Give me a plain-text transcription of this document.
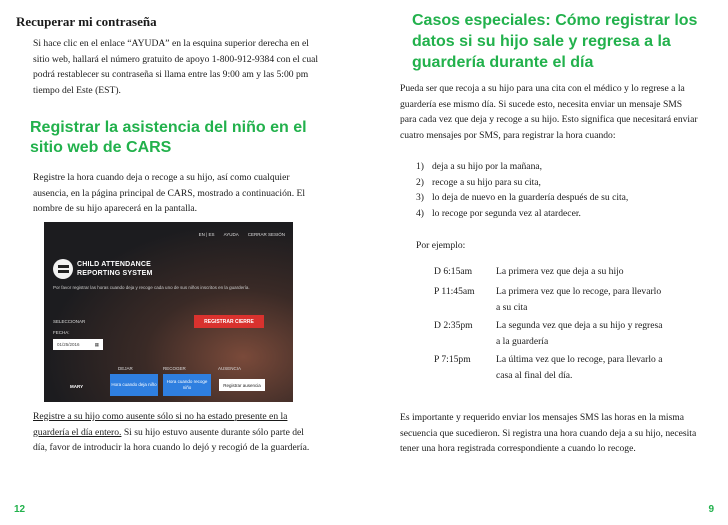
Recuperar mi contraseña

Si hace clic en el enlace “AYUDA” en la esquina superior derecha en el sitio web, hallará el número gratuito de apoyo 1-800-912-9384 con el cual podrá restablecer su contraseña si llama entre las 9:00 am y las 5:00 pm tiempo del Este (EST).

Registrar la asistencia del niño en el sitio web de CARS

Registre la hora cuando deja o recoge a su hijo, así como cualquier ausencia, en la página principal de CARS, mostrado a continuación. El nombre de su hijo aparecerá en la pantalla.

EN | ES AYUDA CERRAR SESIÓN
CHILD ATTENDANCE
REPORTING SYSTEM
Por favor registrar las horas cuando deja y recoge cada uno de sus niños inscritos en la guardería.
SELECCIONAR	REGISTRAR CIERRE
FECHA:
01/25/2016	▦
DEJAR	RECOGER	AUSENCIA
MARY	Hora cuando deja niño
Hora cuando recoge niño	Registrar ausencia

Registre a su hijo como ausente sólo si no ha estado presente en la guardería el día entero. Si su hijo estuvo ausente durante sólo parte del día, favor de introducir la hora cuando lo dejó y recogió de la guardería.

12

Casos especiales: Cómo registrar los datos si su hijo sale y regresa a la guardería durante el día

Pueda ser que recoja a su hijo para una cita con el médico y lo regrese a la guardería ese mismo día. Si sucede esto, necesita enviar un mensaje SMS para cada vez que deja y recoge a su hijo. Esto significa que necesitará enviar cuatro mensajes por SMS, para registrar la hora cuando:

1) deja a su hijo por la mañana,
2) recoge a su hijo para su cita,
3) lo deja de nuevo en la guardería después de su cita,
4) lo recoge por segunda vez al atardecer.

Por ejemplo:

D 6:15am	La primera vez que deja a su hijo
P 11:45am	La primera vez que lo recoge, para llevarlo a su cita
D 2:35pm	La segunda vez que deja a su hijo y regresa a la guardería
P 7:15pm	La última vez que lo recoge, para llevarlo a casa al final del día.

Es importante y requerido enviar los mensajes SMS las horas en la misma secuencia que sucedieron. Si registra una hora cuando deja a su hijo, necesita tener una hora registrada correspondiente a cuando lo recoge.

9
